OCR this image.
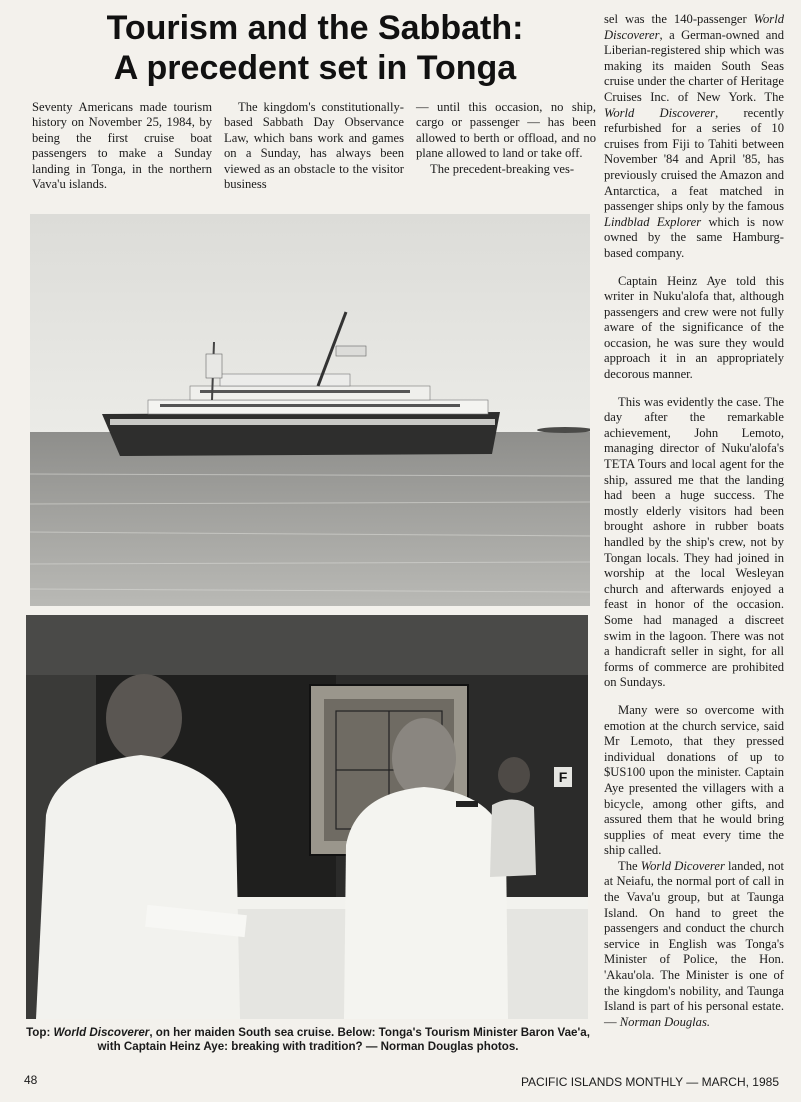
Tourism and the Sabbath:
A precedent set in Tonga

Seventy Americans made tourism history on November 25, 1984, by being the first cruise boat passengers to make a Sunday landing in Tonga, in the northern Vava'u islands.

The kingdom's constitutionally-based Sabbath Day Observance Law, which bans work and games on a Sunday, has always been viewed as an obstacle to the visitor business

— until this occasion, no ship, cargo or passenger — has been allowed to berth or offload, and no plane allowed to land or take off.

The precedent-breaking ves-

F

sel was the 140-passenger World Discoverer, a German-owned and Liberian-registered ship which was making its maiden South Seas cruise under the charter of Heritage Cruises Inc. of New York. The World Discoverer, recently refurbished for a series of 10 cruises from Fiji to Tahiti between November '84 and April '85, has previously cruised the Amazon and Antarctica, a feat matched in passenger ships only by the famous Lindblad Explorer which is now owned by the same Hamburg-based company.

Captain Heinz Aye told this writer in Nuku'alofa that, although passengers and crew were not fully aware of the significance of the occasion, he was sure they would approach it in an appropriately decorous manner.

This was evidently the case. The day after the remarkable achievement, John Lemoto, managing director of Nuku'alofa's TETA Tours and local agent for the ship, assured me that the landing had been a huge success. The mostly elderly visitors had been brought ashore in rubber boats handled by the ship's crew, not by Tongan locals. They had joined in worship at the local Wesleyan church and afterwards enjoyed a feast in honor of the occasion. Some had managed a discreet swim in the lagoon. There was not a handicraft seller in sight, for all forms of commerce are prohibited on Sundays.

Many were so overcome with emotion at the church service, said Mr Lemoto, that they pressed individual donations of up to $US100 upon the minister. Captain Aye presented the villagers with a bicycle, among other gifts, and assured them that he would bring supplies of meat every time the ship called.

The World Dicoverer landed, not at Neiafu, the normal port of call in the Vava'u group, but at Taunga Island. On hand to greet the passengers and conduct the church service in English was Tonga's Minister of Police, the Hon. 'Akau'ola. The Minister is one of the kingdom's nobility, and Taunga Island is part of his personal estate. — Norman Douglas.

Top: World Discoverer, on her maiden South sea cruise. Below: Tonga's Tourism Minister Baron Vae'a, with Captain Heinz Aye: breaking with tradition? — Norman Douglas photos.
48	PACIFIC ISLANDS MONTHLY — MARCH, 1985
